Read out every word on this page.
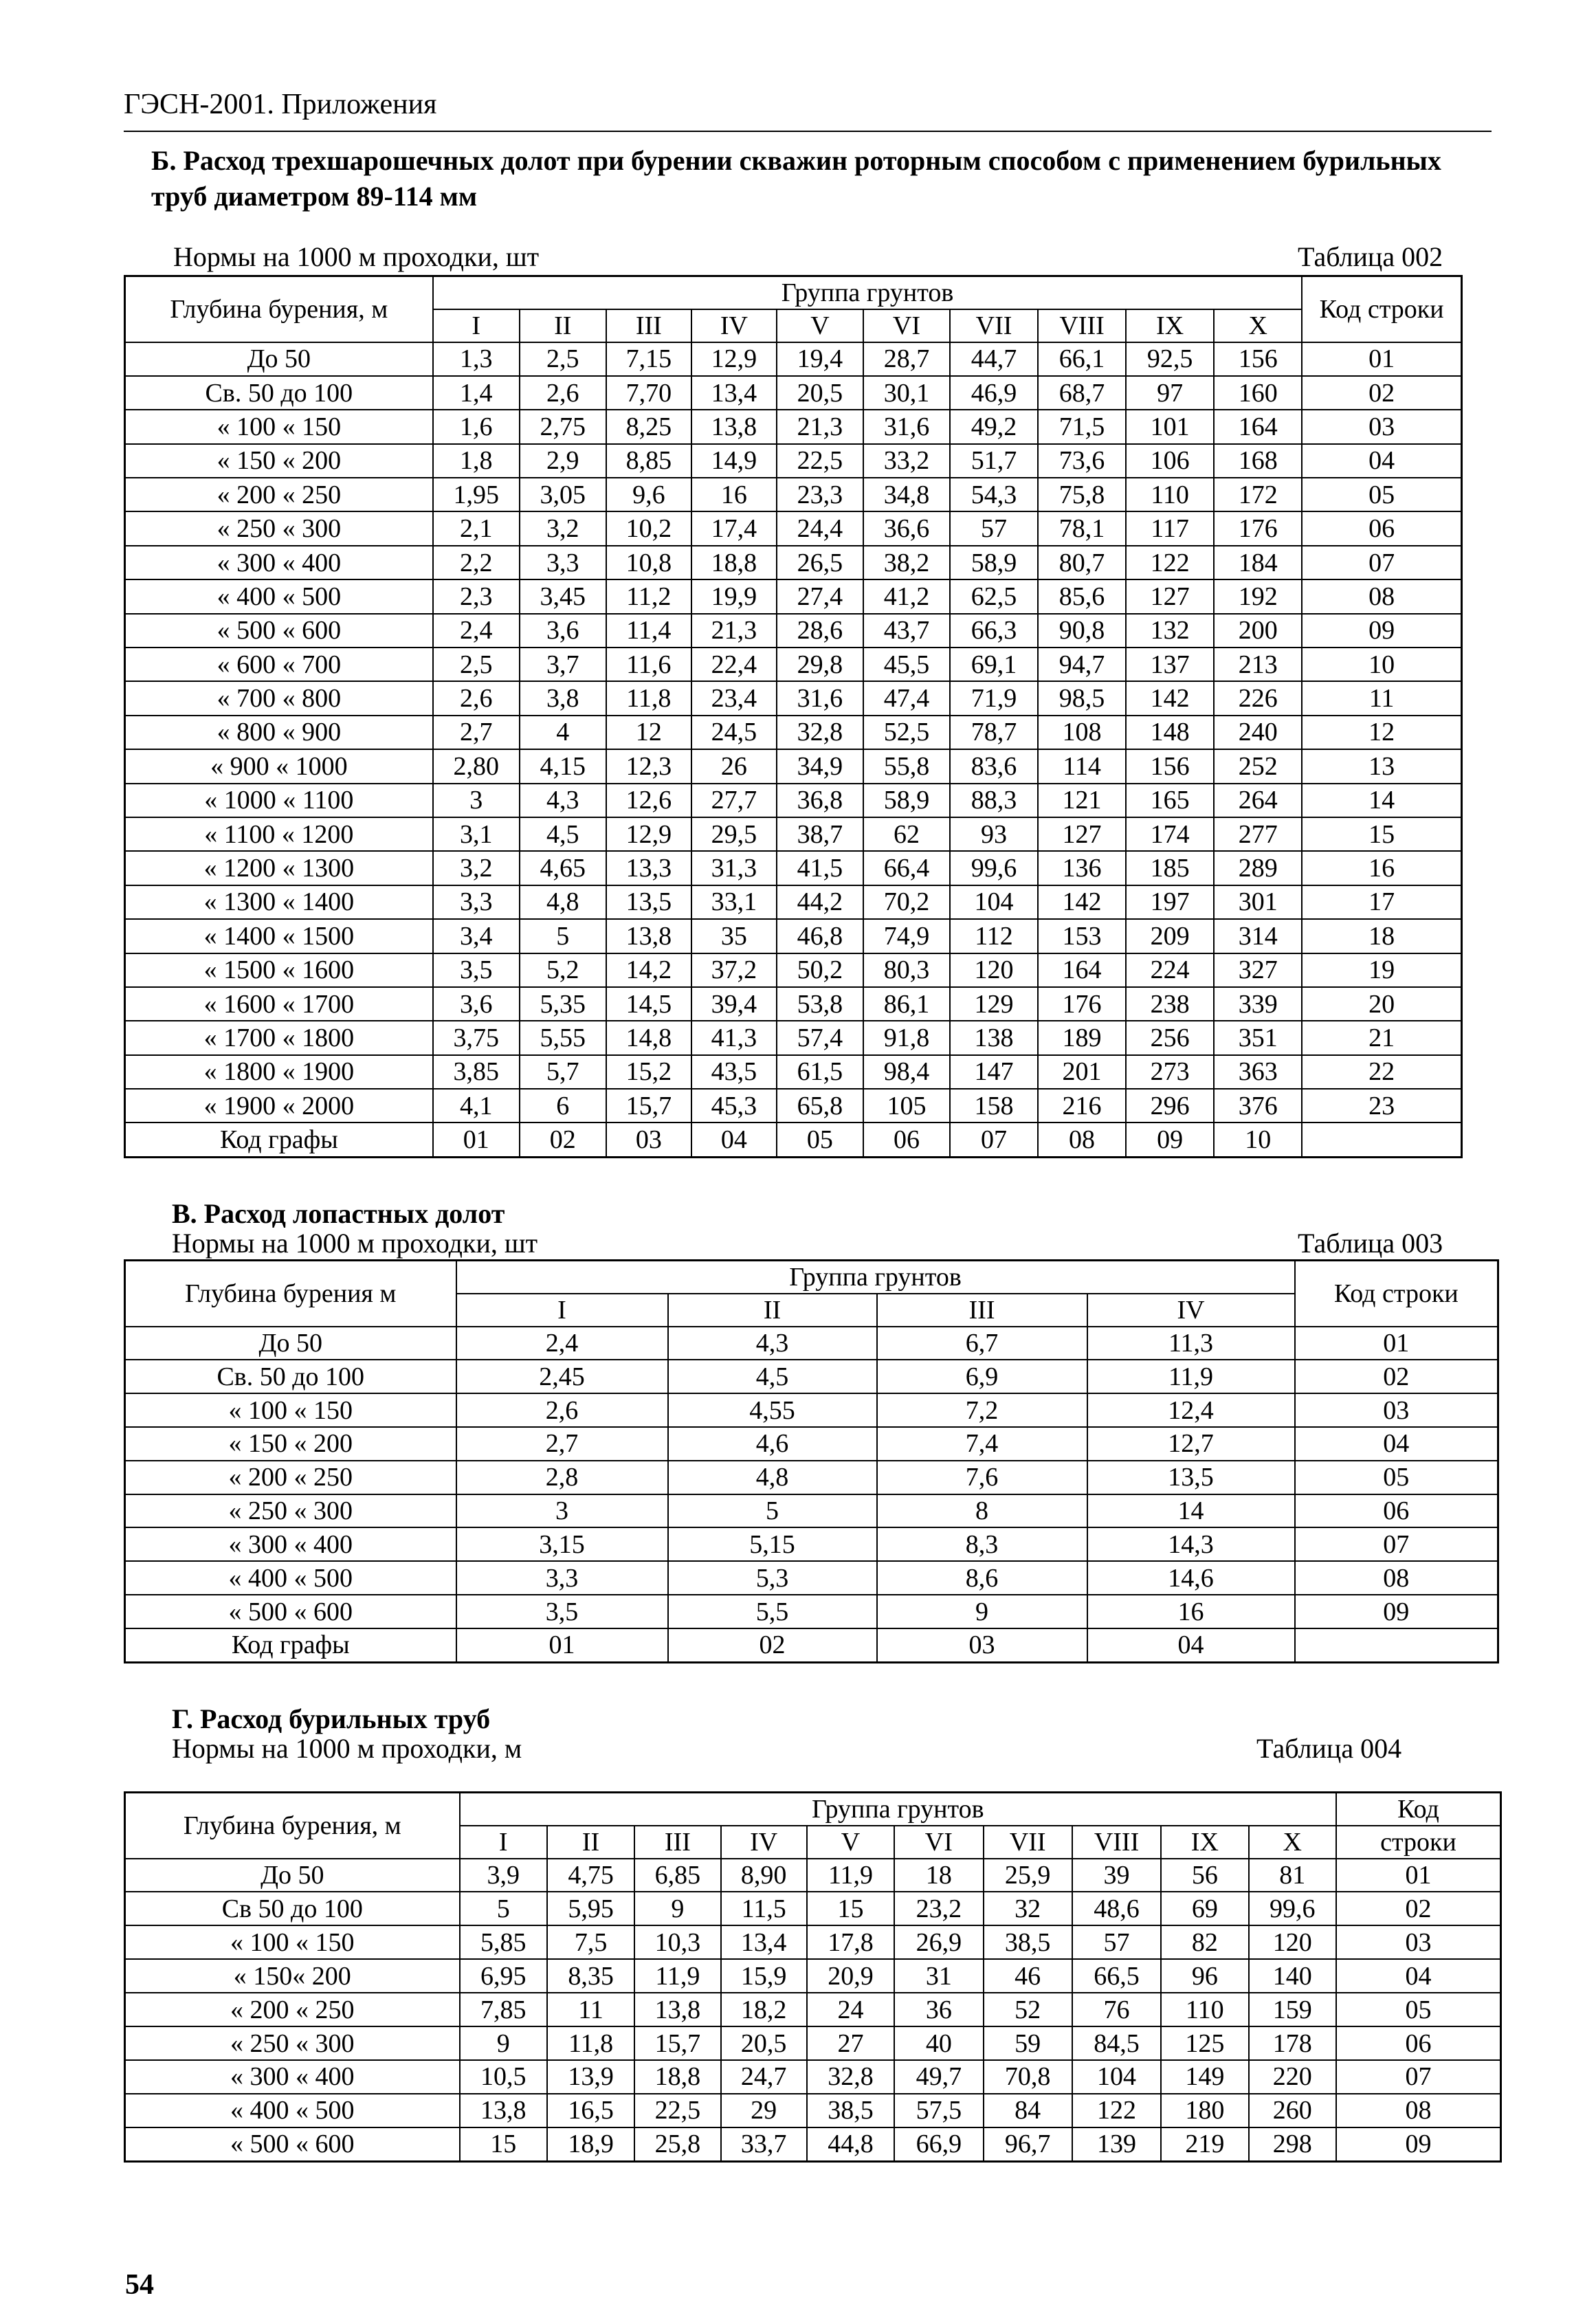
ГЭСН-2001. Приложения
Б. Расход трехшарошечных долот при бурении скважин роторным способом с применением бурильных труб диаметром 89-114 мм
Нормы на 1000 м проходки, шт	Таблица 002
Глубина бурения, м	Группа грунтов										Код строки
	I	II	III	IV	V	VI	VII	VIII	IX	X	
До 50	1,3	2,5	7,15	12,9	19,4	28,7	44,7	66,1	92,5	156	01
Св. 50 до 100	1,4	2,6	7,70	13,4	20,5	30,1	46,9	68,7	97	160	02
« 100 « 150	1,6	2,75	8,25	13,8	21,3	31,6	49,2	71,5	101	164	03
« 150 « 200	1,8	2,9	8,85	14,9	22,5	33,2	51,7	73,6	106	168	04
« 200 « 250	1,95	3,05	9,6	16	23,3	34,8	54,3	75,8	110	172	05
« 250 « 300	2,1	3,2	10,2	17,4	24,4	36,6	57	78,1	117	176	06
« 300 « 400	2,2	3,3	10,8	18,8	26,5	38,2	58,9	80,7	122	184	07
« 400 « 500	2,3	3,45	11,2	19,9	27,4	41,2	62,5	85,6	127	192	08
« 500 « 600	2,4	3,6	11,4	21,3	28,6	43,7	66,3	90,8	132	200	09
« 600 « 700	2,5	3,7	11,6	22,4	29,8	45,5	69,1	94,7	137	213	10
« 700 « 800	2,6	3,8	11,8	23,4	31,6	47,4	71,9	98,5	142	226	11
« 800 « 900	2,7	4	12	24,5	32,8	52,5	78,7	108	148	240	12
« 900 « 1000	2,80	4,15	12,3	26	34,9	55,8	83,6	114	156	252	13
« 1000 « 1100	3	4,3	12,6	27,7	36,8	58,9	88,3	121	165	264	14
« 1100 « 1200	3,1	4,5	12,9	29,5	38,7	62	93	127	174	277	15
« 1200 « 1300	3,2	4,65	13,3	31,3	41,5	66,4	99,6	136	185	289	16
« 1300 « 1400	3,3	4,8	13,5	33,1	44,2	70,2	104	142	197	301	17
« 1400 « 1500	3,4	5	13,8	35	46,8	74,9	112	153	209	314	18
« 1500 « 1600	3,5	5,2	14,2	37,2	50,2	80,3	120	164	224	327	19
« 1600 « 1700	3,6	5,35	14,5	39,4	53,8	86,1	129	176	238	339	20
« 1700 « 1800	3,75	5,55	14,8	41,3	57,4	91,8	138	189	256	351	21
« 1800 « 1900	3,85	5,7	15,2	43,5	61,5	98,4	147	201	273	363	22
« 1900 « 2000	4,1	6	15,7	45,3	65,8	105	158	216	296	376	23
Код графы	01	02	03	04	05	06	07	08	09	10	
В. Расход лопастных долот
Нормы на 1000 м проходки, шт	Таблица 003
Глубина бурения м	Группа грунтов				Код строки
	I	II	III	IV	
До 50	2,4	4,3	6,7	11,3	01
Св. 50 до 100	2,45	4,5	6,9	11,9	02
« 100 « 150	2,6	4,55	7,2	12,4	03
« 150 « 200	2,7	4,6	7,4	12,7	04
« 200 « 250	2,8	4,8	7,6	13,5	05
« 250 « 300	3	5	8	14	06
« 300 « 400	3,15	5,15	8,3	14,3	07
« 400 « 500	3,3	5,3	8,6	14,6	08
« 500 « 600	3,5	5,5	9	16	09
Код графы	01	02	03	04	
Г. Расход бурильных труб
Нормы на 1000 м проходки, м	Таблица 004
Глубина бурения, м	Группа грунтов										Код
	I	II	III	IV	V	VI	VII	VIII	IX	X	строки
До 50	3,9	4,75	6,85	8,90	11,9	18	25,9	39	56	81	01
Св 50 до 100	5	5,95	9	11,5	15	23,2	32	48,6	69	99,6	02
« 100 « 150	5,85	7,5	10,3	13,4	17,8	26,9	38,5	57	82	120	03
« 150« 200	6,95	8,35	11,9	15,9	20,9	31	46	66,5	96	140	04
« 200 « 250	7,85	11	13,8	18,2	24	36	52	76	110	159	05
« 250 « 300	9	11,8	15,7	20,5	27	40	59	84,5	125	178	06
« 300 « 400	10,5	13,9	18,8	24,7	32,8	49,7	70,8	104	149	220	07
« 400 « 500	13,8	16,5	22,5	29	38,5	57,5	84	122	180	260	08
« 500 « 600	15	18,9	25,8	33,7	44,8	66,9	96,7	139	219	298	09
54
